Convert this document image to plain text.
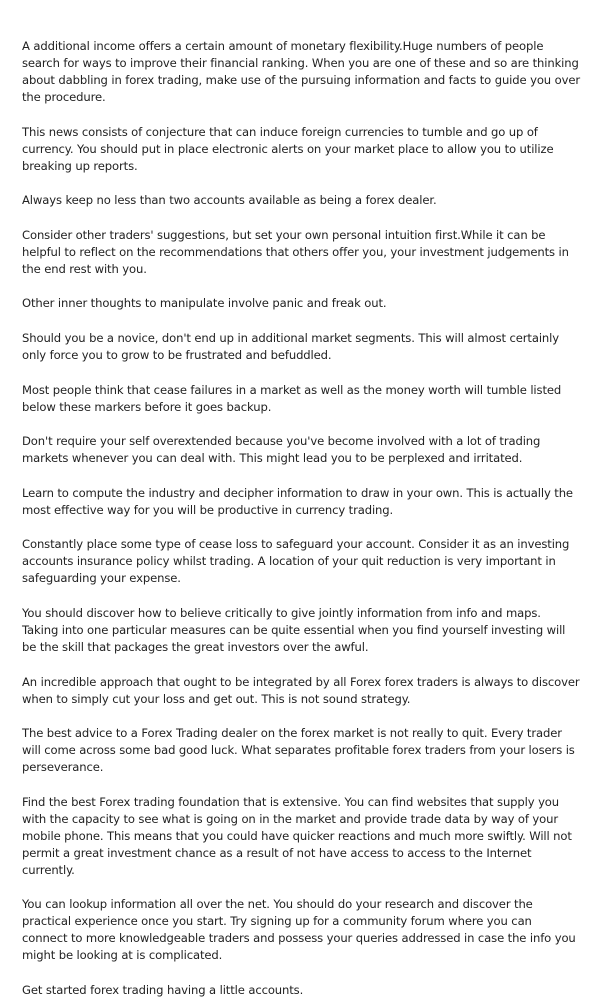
A additional income offers a certain amount of monetary flexibility.Huge numbers of people search for ways to improve their financial ranking. When you are one of these and so are thinking about dabbling in forex trading, make use of the pursuing information and facts to guide you over the procedure.

This news consists of conjecture that can induce foreign currencies to tumble and go up of currency. You should put in place electronic alerts on your market place to allow you to utilize breaking up reports.

Always keep no less than two accounts available as being a forex dealer.

Consider other traders' suggestions, but set your own personal intuition first.While it can be helpful to reflect on the recommendations that others offer you, your investment judgements in the end rest with you.

Other inner thoughts to manipulate involve panic and freak out.

Should you be a novice, don't end up in additional market segments. This will almost certainly only force you to grow to be frustrated and befuddled.

Most people think that cease failures in a market as well as the money worth will tumble listed below these markers before it goes backup.

Don't require your self overextended because you've become involved with a lot of trading markets whenever you can deal with. This might lead you to be perplexed and irritated.

Learn to compute the industry and decipher information to draw in your own. This is actually the most effective way for you will be productive in currency trading.

Constantly place some type of cease loss to safeguard your account. Consider it as an investing accounts insurance policy whilst trading. A location of your quit reduction is very important in safeguarding your expense.

You should discover how to believe critically to give jointly information from info and maps. Taking into one particular measures can be quite essential when you find yourself investing will be the skill that packages the great investors over the awful.

An incredible approach that ought to be integrated by all Forex forex traders is always to discover when to simply cut your loss and get out. This is not sound strategy.

The best advice to a Forex Trading dealer on the forex market is not really to quit. Every trader will come across some bad good luck. What separates profitable forex traders from your losers is perseverance.

Find the best Forex trading foundation that is extensive. You can find websites that supply you with the capacity to see what is going on in the market and provide trade data by way of your mobile phone. This means that you could have quicker reactions and much more swiftly. Will not permit a great investment chance as a result of not have access to access to the Internet currently.

You can lookup information all over the net. You should do your research and discover the practical experience once you start. Try signing up for a community forum where you can connect to more knowledgeable traders and possess your queries addressed in case the info you might be looking at is complicated.

Get started forex trading having a little accounts.
